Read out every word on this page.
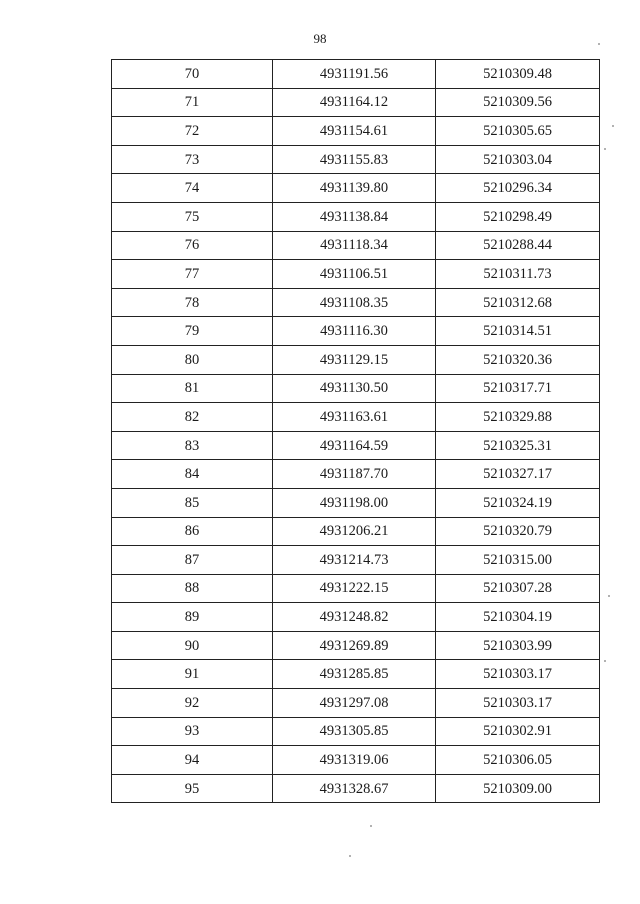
98
70	4931191.56	5210309.48
71	4931164.12	5210309.56
72	4931154.61	5210305.65
73	4931155.83	5210303.04
74	4931139.80	5210296.34
75	4931138.84	5210298.49
76	4931118.34	5210288.44
77	4931106.51	5210311.73
78	4931108.35	5210312.68
79	4931116.30	5210314.51
80	4931129.15	5210320.36
81	4931130.50	5210317.71
82	4931163.61	5210329.88
83	4931164.59	5210325.31
84	4931187.70	5210327.17
85	4931198.00	5210324.19
86	4931206.21	5210320.79
87	4931214.73	5210315.00
88	4931222.15	5210307.28
89	4931248.82	5210304.19
90	4931269.89	5210303.99
91	4931285.85	5210303.17
92	4931297.08	5210303.17
93	4931305.85	5210302.91
94	4931319.06	5210306.05
95	4931328.67	5210309.00
